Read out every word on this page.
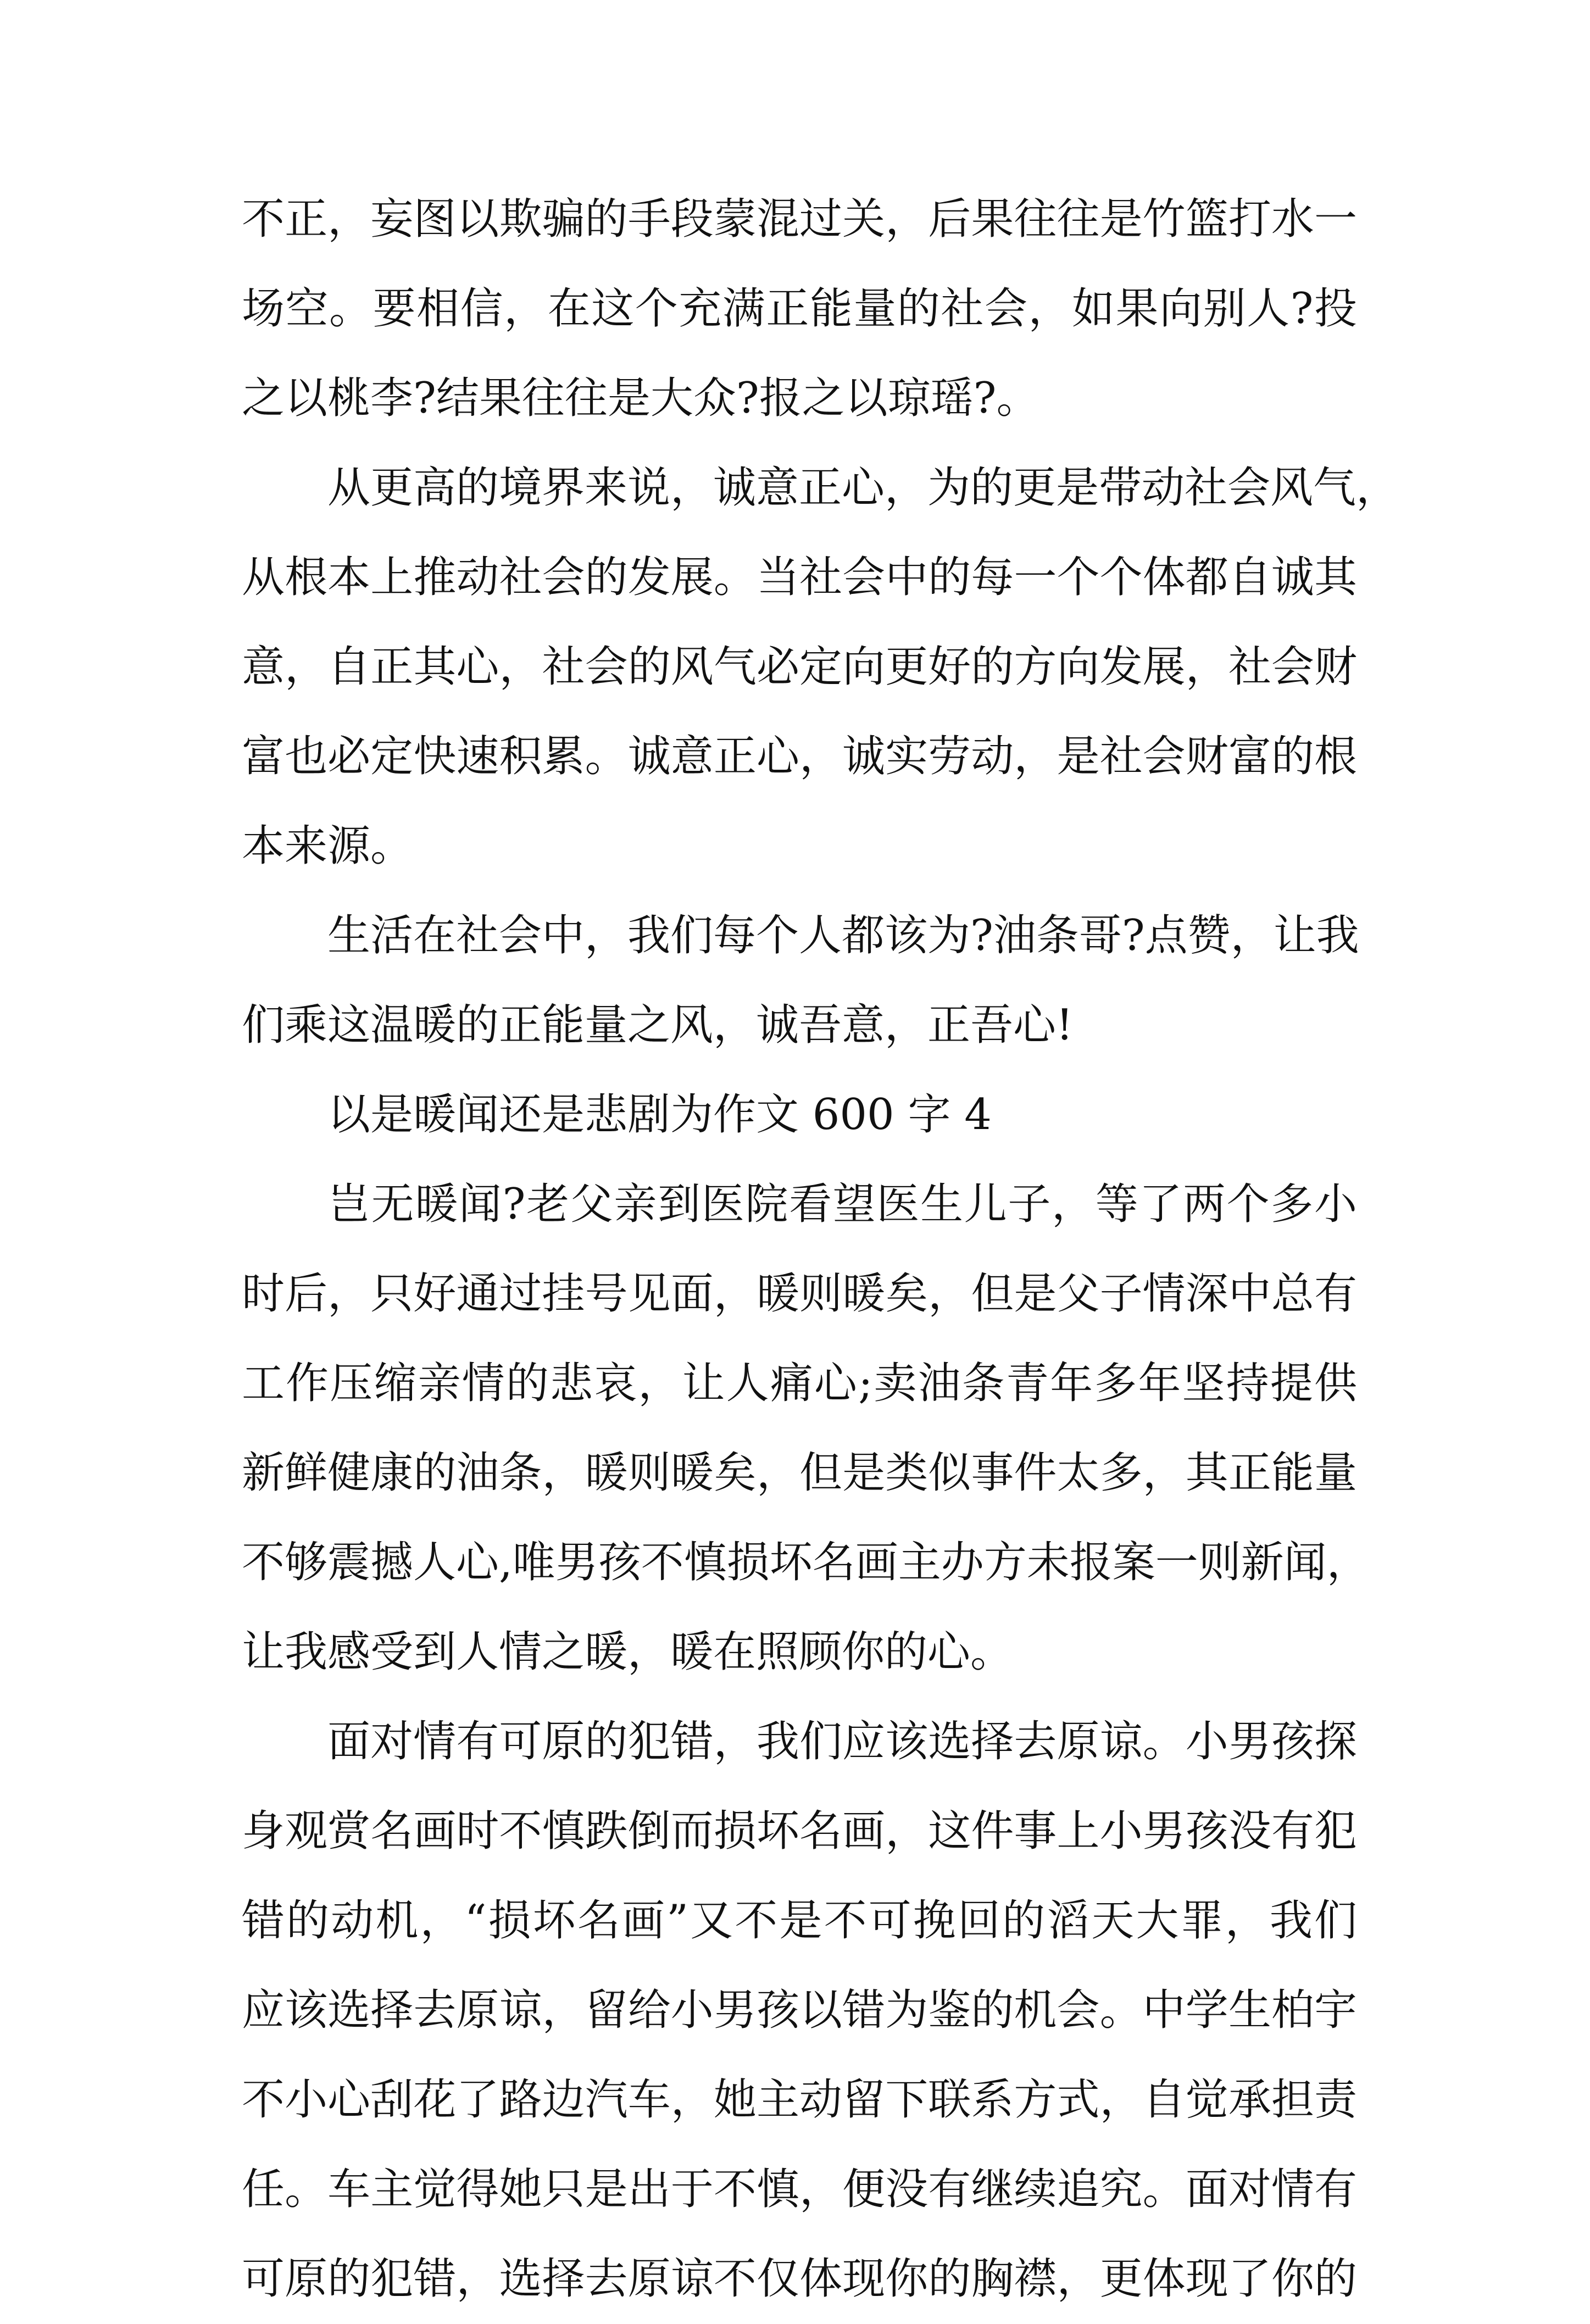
不正，妄图以欺骗的手段蒙混过关，后果往往是竹篮打水一
场空。要相信，在这个充满正能量的社会，如果向别人?投
之以桃李?结果往往是大众?报之以琼瑶?。
从更高的境界来说，诚意正心，为的更是带动社会风气，
从根本上推动社会的发展。当社会中的每一个个体都自诚其
意，自正其心，社会的风气必定向更好的方向发展，社会财
富也必定快速积累。诚意正心，诚实劳动，是社会财富的根
本来源。
生活在社会中，我们每个人都该为?油条哥?点赞，让我
们乘这温暖的正能量之风，诚吾意，正吾心!
以是暖闻还是悲剧为作文 600 字 4
岂无暖闻?老父亲到医院看望医生儿子，等了两个多小
时后，只好通过挂号见面，暖则暖矣，但是父子情深中总有
工作压缩亲情的悲哀，让人痛心;卖油条青年多年坚持提供
新鲜健康的油条，暖则暖矣，但是类似事件太多，其正能量
不够震撼人心,唯男孩不慎损坏名画主办方未报案一则新闻，
让我感受到人情之暖，暖在照顾你的心。
面对情有可原的犯错，我们应该选择去原谅。小男孩探
身观赏名画时不慎跌倒而损坏名画，这件事上小男孩没有犯
错的动机，“损坏名画”又不是不可挽回的滔天大罪，我们
应该选择去原谅，留给小男孩以错为鉴的机会。中学生柏宇
不小心刮花了路边汽车，她主动留下联系方式，自觉承担责
任。车主觉得她只是出于不慎，便没有继续追究。面对情有
可原的犯错，选择去原谅不仅体现你的胸襟，更体现了你的
